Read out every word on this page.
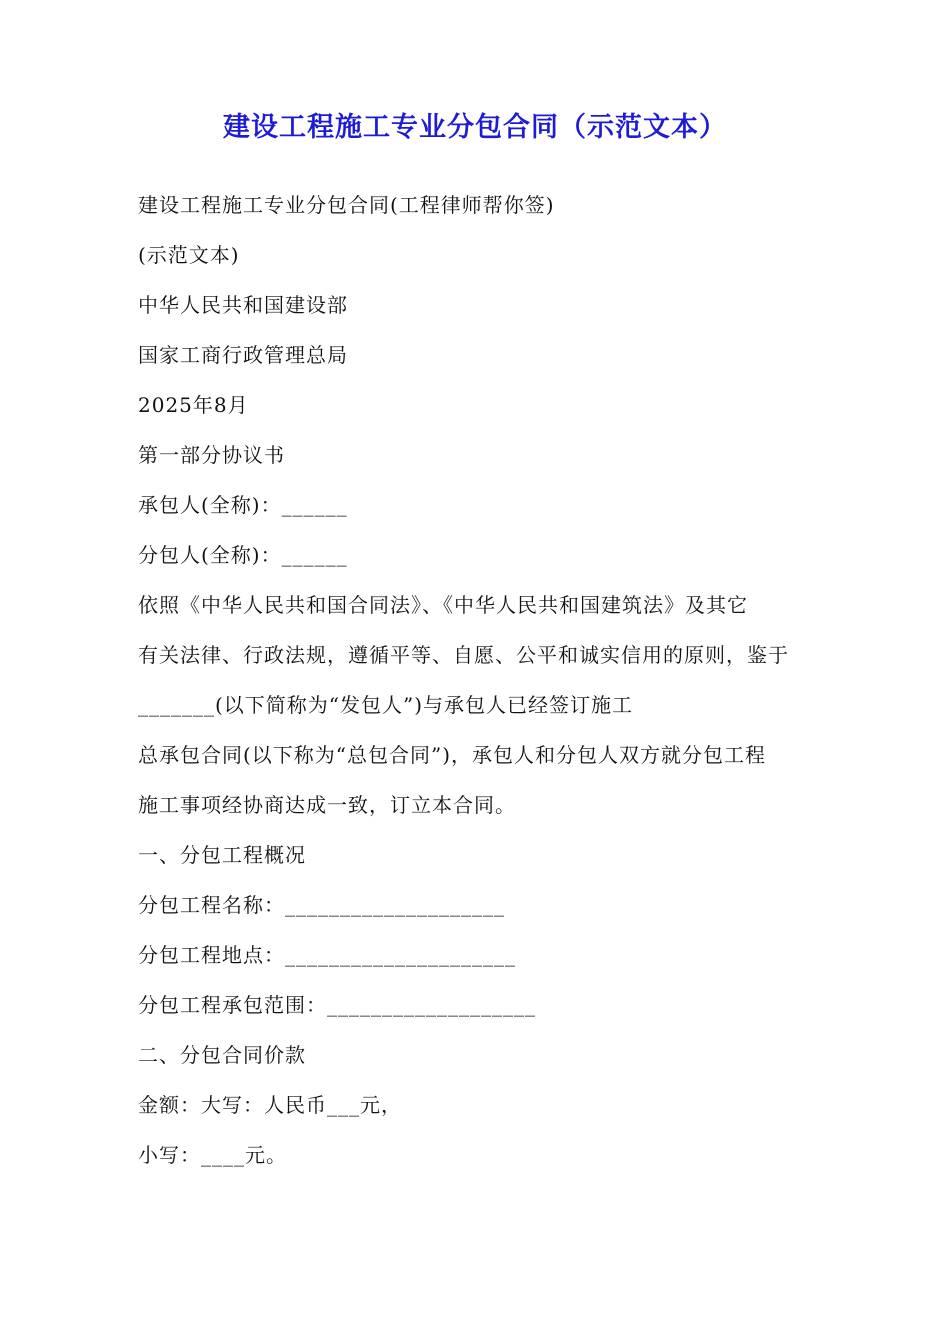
建设工程施工专业分包合同（示范文本）

建设工程施工专业分包合同(工程律师帮你签)

(示范文本)

中华人民共和国建设部

国家工商行政管理总局

2025年8月

第一部分协议书

承包人(全称)：______

分包人(全称)：______

依照《中华人民共和国合同法》、《中华人民共和国建筑法》及其它

有关法律、行政法规，遵循平等、自愿、公平和诚实信用的原则，鉴于

_______(以下简称为“发包人”)与承包人已经签订施工

总承包合同(以下称为“总包合同”)，承包人和分包人双方就分包工程

施工事项经协商达成一致，订立本合同。

一、分包工程概况

分包工程名称：____________________

分包工程地点：_____________________

分包工程承包范围：___________________

二、分包合同价款

金额：大写：人民币___元，

小写：____元。
